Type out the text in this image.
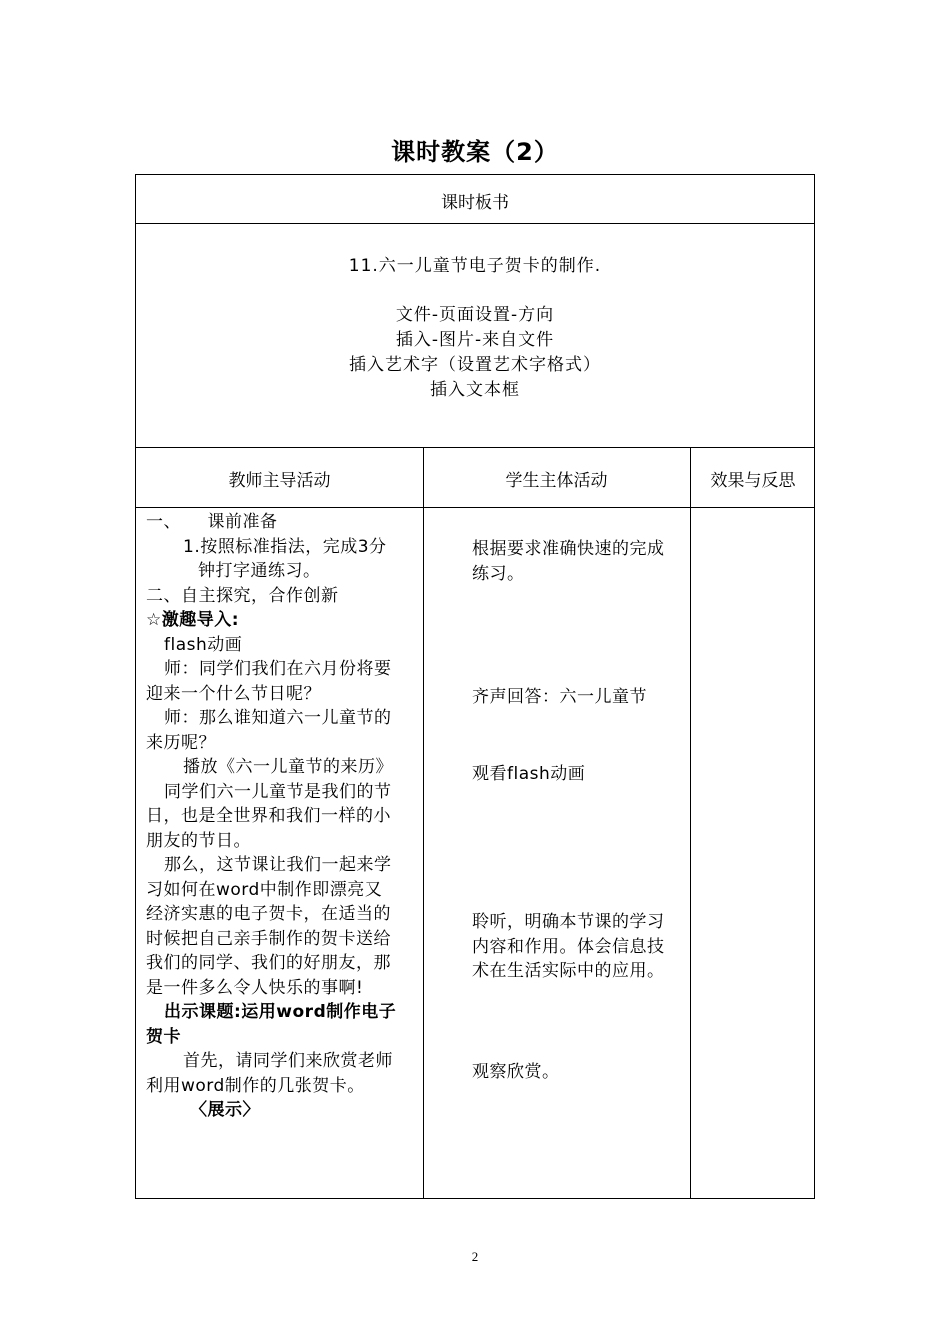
课时教案（2）
课时板书
11.六一儿童节电子贺卡的制作.
文件-页面设置-方向
插入-图片-来自文件
插入艺术字（设置艺术字格式）
插入文本框
教师主导活动	学生主体活动	效果与反思

一、　　课前准备

1.按照标准指法，完成3分

钟打字通练习。

二、自主探究，合作创新

☆激趣导入:

flash动画

师：同学们我们在六月份将要

迎来一个什么节日呢？

师：那么谁知道六一儿童节的

来历呢？

播放《六一儿童节的来历》

同学们六一儿童节是我们的节

日，也是全世界和我们一样的小

朋友的节日。

那么，这节课让我们一起来学

习如何在word中制作即漂亮又

经济实惠的电子贺卡，在适当的

时候把自己亲手制作的贺卡送给

我们的同学、我们的好朋友，那

是一件多么令人快乐的事啊!

出示课题:运用word制作电子

贺卡

首先，请同学们来欣赏老师

利用word制作的几张贺卡。

〈展示〉

根据要求准确快速的完成
练习。
齐声回答：六一儿童节
观看flash动画
聆听，明确本节课的学习
内容和作用。体会信息技
术在生活实际中的应用。
观察欣赏。
2
